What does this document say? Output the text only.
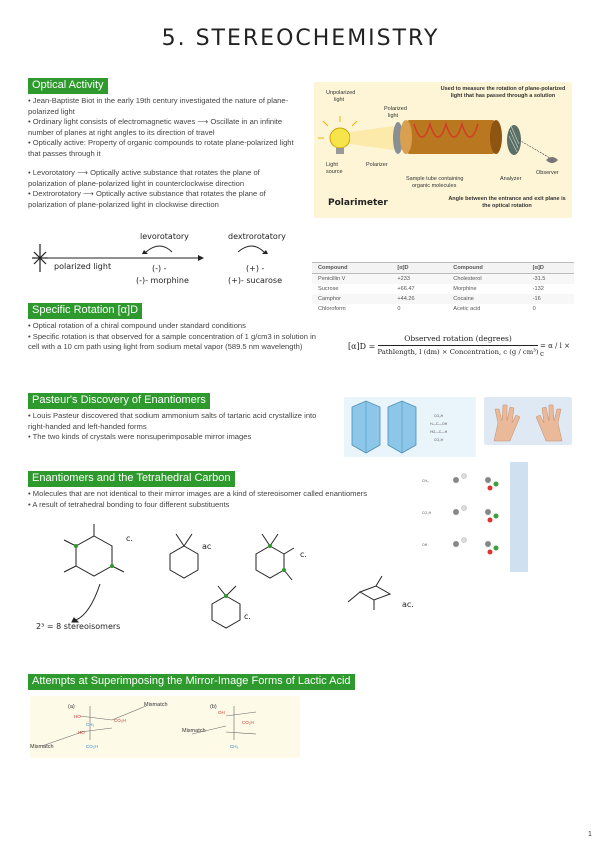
5. STEREOCHEMISTRY
Optical Activity

• Jean-Baptiste Biot in the early 19th century investigated the nature of plane-polarized light

• Ordinary light consists of electromagnetic waves ⟶ Oscillate in an infinite number of planes at right angles to its direction of travel

• Optically active: Property of organic compounds to rotate plane-polarized light that passes through it

• Levorotatory ⟶ Optically active substance that rotates the plane of polarization of plane-polarized light in counterclockwise direction

• Dextrorotatory ⟶ Optically active substance that rotates the plane of polarization of plane-polarized light in clockwise direction

Unpolarized
light
Polarized
light
Light
source
Polarizer
Sample tube containing
organic molecules
Analyzer
Observer
Used to measure the rotation of plane-polarized light that has passed through a solution
Angle between the entrance and exit plane is the optical rotation
Polarimeter
polarized light
levorotatory
(-) -
(-)- morphine
dextrorotatory
(+) -
(+)- sucarose
Specific Rotation [α]D

• Optical rotation of a chiral compound under standard conditions

• Specific rotation is that observed for a sample concentration of 1 g/cm3 in solution in cell with a 10 cm path using light from sodium metal vapor (589.5 nm wavelength)

Compound	[α]D	Compound	[α]D
Penicillin V	+233	Cholesterol	-31.5
Sucrose	+66.47	Morphine	-132
Camphor	+44.26	Cocaine	-16
Chloroform	0	Acetic acid	0
[α]D =
Observed rotation (degrees)
Pathlength, l (dm) × Concentration, c (g / cm³)
= α / l × c
Pasteur's Discovery of Enantiomers

• Louis Pasteur discovered that sodium ammonium salts of tartaric acid crystallize into right-handed and left-handed forms

• The two kinds of crystals were nonsuperimposable mirror images

CO₂H
H—C—OH
HO—C—H
CO₂H
Enantiomers and the Tetrahedral Carbon

• Molecules that are not identical to their mirror images are a kind of stereoisomer called enantiomers

• A result of tetrahedral bonding to four different substituents

c.
ac
c.
c.
ac.
2³ = 8 stereoisomers
CH₃
CO₂H
OH
Attempts at Superimposing the Mirror-Image Forms of Lactic Acid
HO
CO₂H
HO
OH
CO₂H
CH₃
CO₂H	CH₃
(a)	(b)
Mismatch
Mismatch
Mismatch
1
